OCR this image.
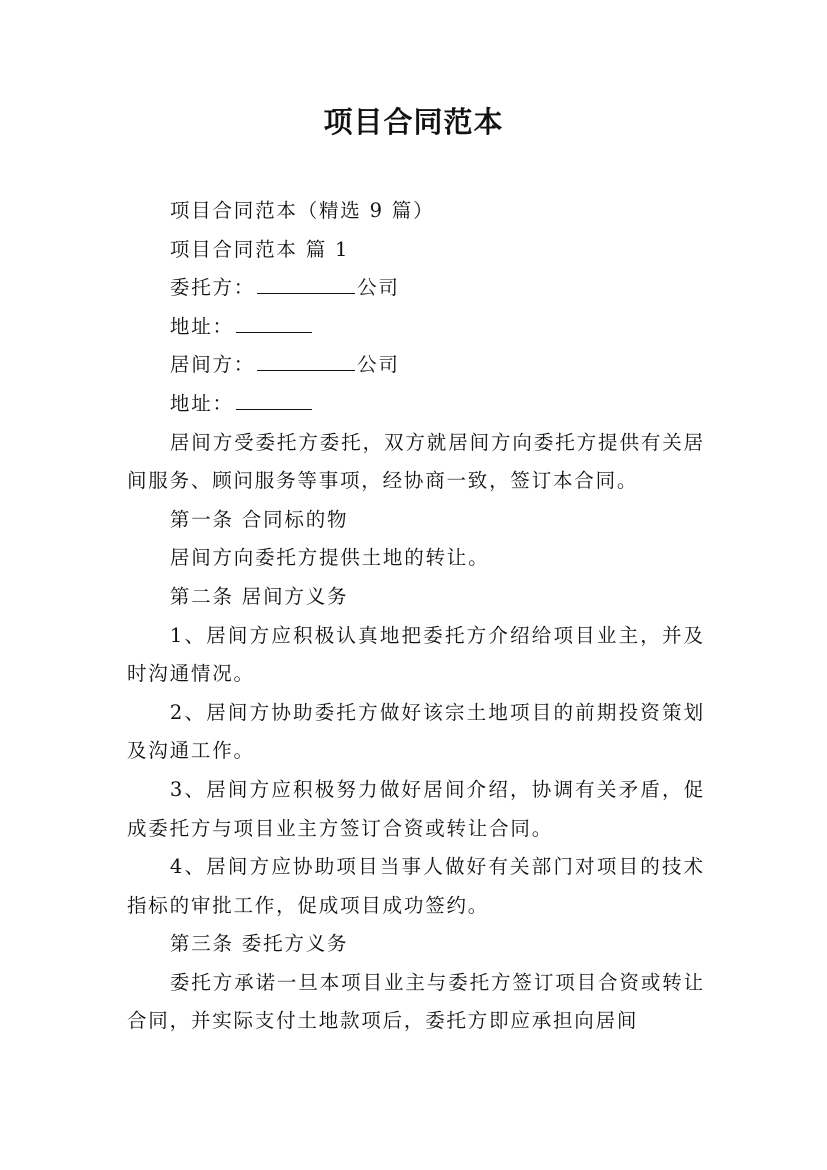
项目合同范本

项目合同范本（精选 9 篇）

项目合同范本 篇 1

委托方：	公司

地址：

居间方：	公司

地址：

居间方受委托方委托，双方就居间方向委托方提供有关居间服务、顾问服务等事项，经协商一致，签订本合同。

第一条 合同标的物

居间方向委托方提供土地的转让。

第二条 居间方义务

1、居间方应积极认真地把委托方介绍给项目业主，并及时沟通情况。

2、居间方协助委托方做好该宗土地项目的前期投资策划及沟通工作。

3、居间方应积极努力做好居间介绍，协调有关矛盾，促成委托方与项目业主方签订合资或转让合同。

4、居间方应协助项目当事人做好有关部门对项目的技术指标的审批工作，促成项目成功签约。

第三条 委托方义务

委托方承诺一旦本项目业主与委托方签订项目合资或转让合同，并实际支付土地款项后，委托方即应承担向居间
